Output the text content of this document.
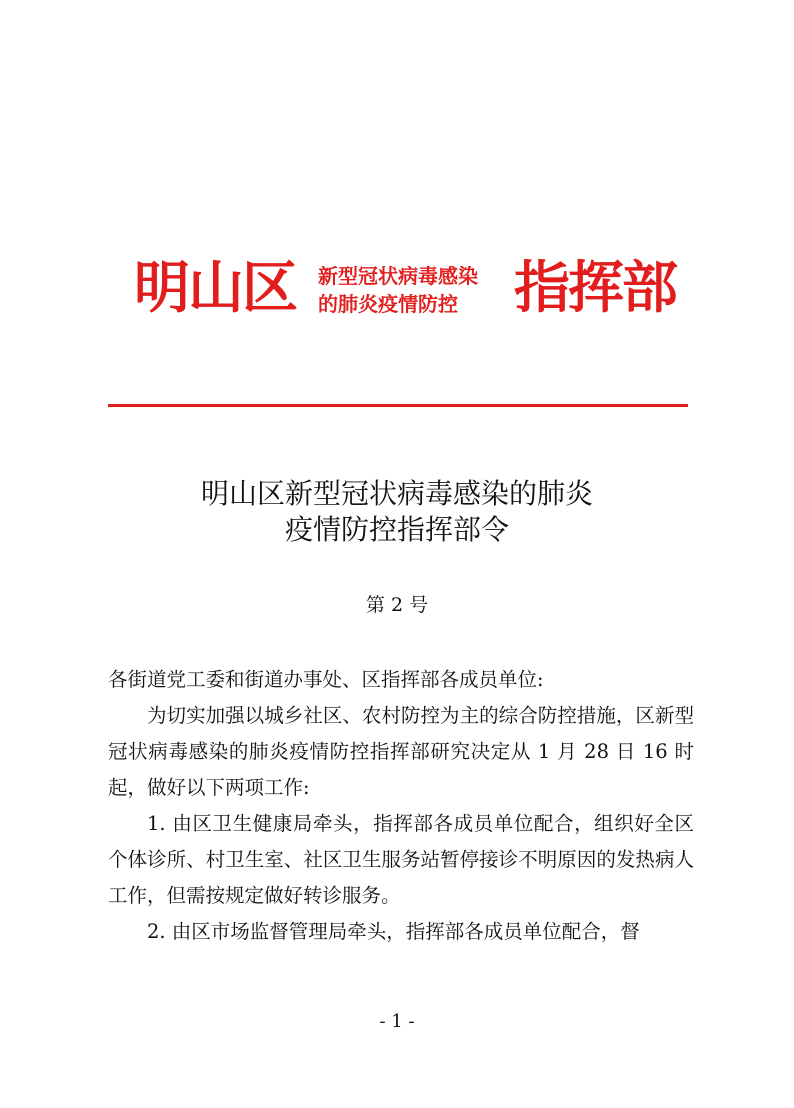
明山区 新型冠状病毒感染
的肺炎疫情防控	指挥部
明山区新型冠状病毒感染的肺炎
疫情防控指挥部令
第 2 号

各街道党工委和街道办事处、区指挥部各成员单位:

为切实加强以城乡社区、农村防控为主的综合防控措施，区新型冠状病毒感染的肺炎疫情防控指挥部研究决定从 1 月 28 日 16 时起，做好以下两项工作:

1. 由区卫生健康局牵头，指挥部各成员单位配合，组织好全区个体诊所、村卫生室、社区卫生服务站暂停接诊不明原因的发热病人工作，但需按规定做好转诊服务。

2. 由区市场监督管理局牵头，指挥部各成员单位配合，督

- 1 -
